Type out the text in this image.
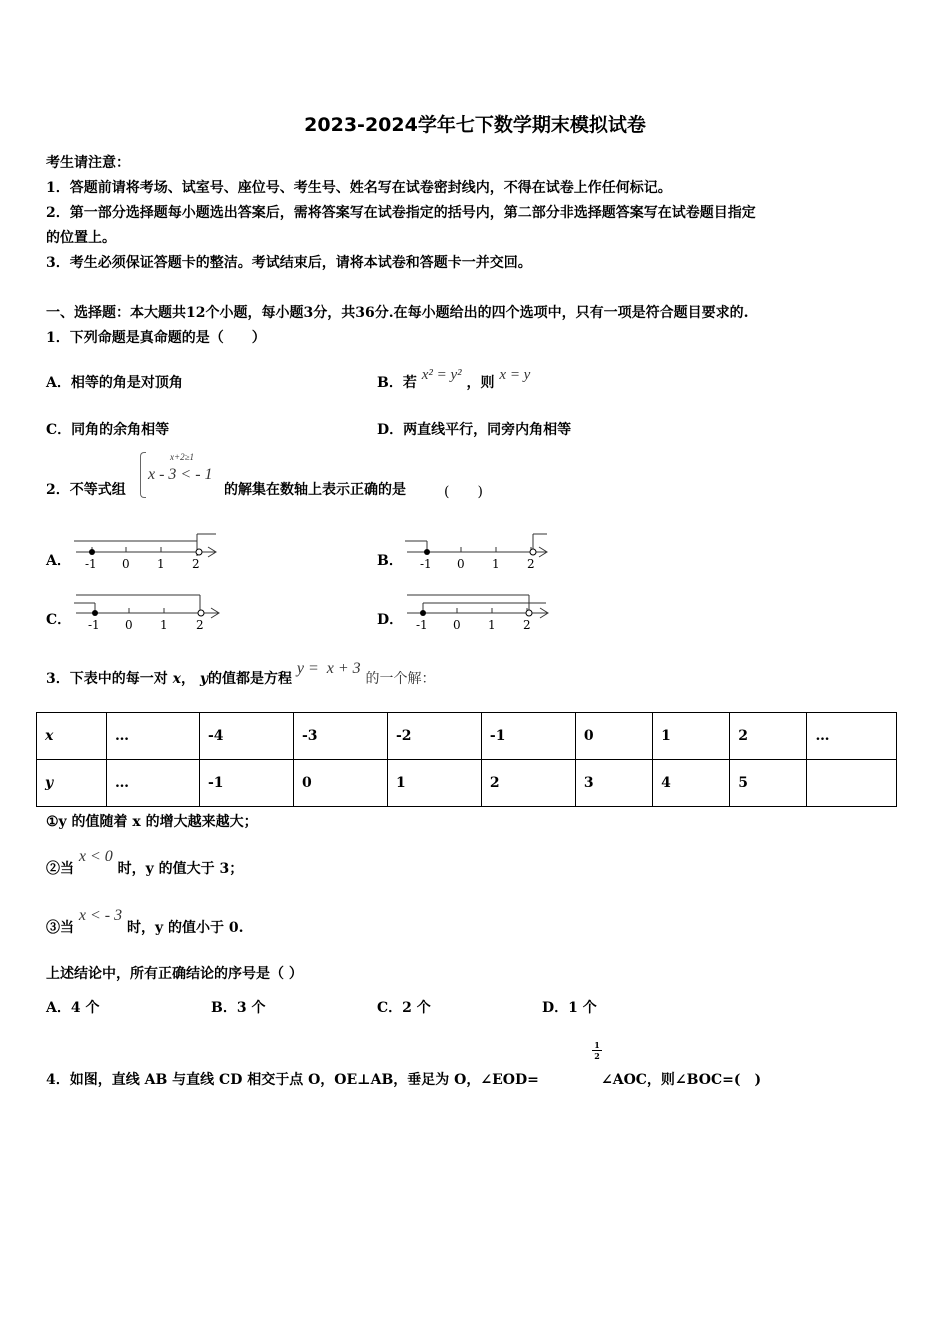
2023-2024学年七下数学期末模拟试卷
考生请注意：
1．答题前请将考场、试室号、座位号、考生号、姓名写在试卷密封线内，不得在试卷上作任何标记。
2．第一部分选择题每小题选出答案后，需将答案写在试卷指定的括号内，第二部分非选择题答案写在试卷题目指定
的位置上。
3．考生必须保证答题卡的整洁。考试结束后，请将本试卷和答题卡一并交回。
一、选择题：本大题共12个小题，每小题3分，共36分.在每小题给出的四个选项中，只有一项是符合题目要求的.
1．下列命题是真命题的是（　　）
A．相等的角是对顶角	B．若 x² = y² ，则 x = y
C．同角的余角相等	D．两直线平行，同旁内角相等
2．不等式组
x+2≥1
x - 3 < - 1
的解集在数轴上表示正确的是	(　　)
A． -1 0 1 2	B． -1 0 1 2
C． -1 0 1 2	D． -1 0 1 2
3．下表中的每一对 x， y的值都是方程 y =  x + 3 的一个解：
x	…	-4	-3	-2	-1	0	1	2	…
y	…	-1	0	1	2	3	4	5	
①y 的值随着 x 的增大越来越大；
②当 x < 0 时，y 的值大于 3；
③当 x < - 3 时，y 的值小于 0.
上述结论中，所有正确结论的序号是（ ）
A．4 个	B．3 个	C．2 个	D．1 个
4．如图，直线 AB 与直线 CD 相交于点 O，OE⊥AB，垂足为 O，∠EOD=
$\frac{1}{2}$
∠AOC，则∠BOC=(　)
